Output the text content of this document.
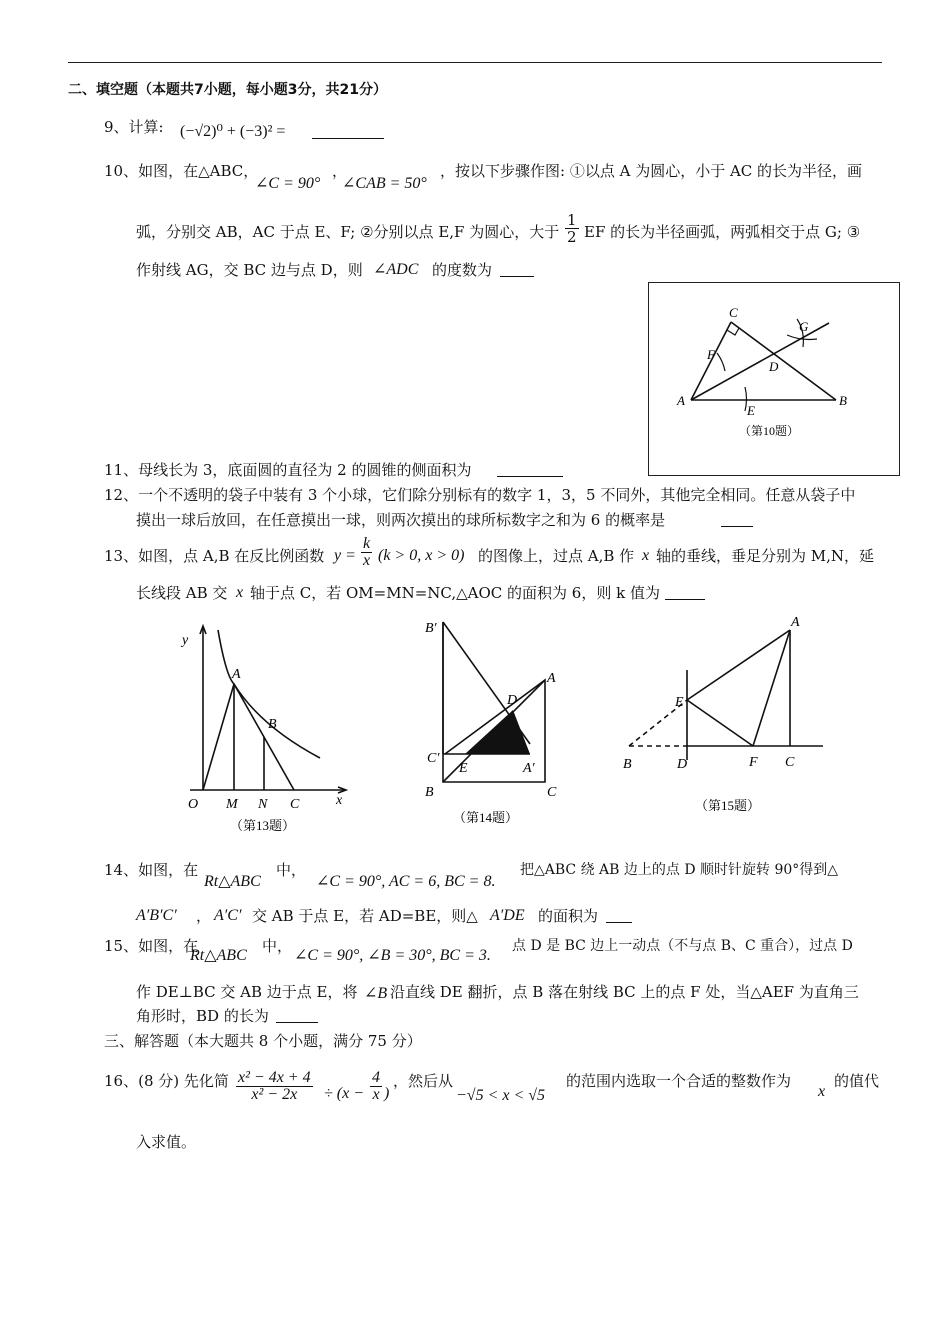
二、填空题（本题共7小题，每小题3分，共21分）
9、计算: (−√2)⁰ + (−3)² =
10、如图，在△ABC，
∠C = 90°
，
∠CAB = 50°
，按以下步骤作图: ①以点 A 为圆心，小于 AC 的长为半径，画
弧，分别交 AB，AC 于点 E、F; ②分别以点 E,F 为圆心，大于 $\frac{1}{2}$ EF 的长为半径画弧，两弧相交于点 G; ③
作射线 AG，交 BC 边与点 D，则 ∠ADC 的度数为
A	B
C
D
E
F
G
（第10题）
11、母线长为 3，底面圆的直径为 2 的圆锥的侧面积为
12、一个不透明的袋子中装有 3 个小球，它们除分别标有的数字 1，3，5 不同外，其他完全相同。任意从袋子中
摸出一球后放回，在任意摸出一球，则两次摸出的球所标数字之和为 6 的概率是
13、如图，点 A,B 在反比例函数 $y = \frac{k}{x} (k > 0$, x > 0) 的图像上，过点 A,B 作 x 轴的垂线，垂足分别为 M,N，延
长线段 AB 交 x 轴于点 C，若 OM=MN=NC,△AOC 的面积为 6，则 k 值为
y
x
O M N C
A
B
（第13题）
B′
D
A
C′
E	A′
B	C
（第14题）
A
E
B	D	F C
（第15题）
14、如图，在
Rt△ABC
中，
∠C = 90°, AC = 6, BC = 8.
把△ABC 绕 AB 边上的点 D 顺时针旋转 90°得到△
A′B′C′ ， A′C′ 交 AB 于点 E，若 AD=BE，则△ A′DE 的面积为
15、如图，在
Rt△ABC
中，
∠C = 90°, ∠B = 30°, BC = 3.
点 D 是 BC 边上一动点（不与点 B、C 重合），过点 D
作 DE⊥BC 交 AB 边于点 E，将 ∠B 沿直线 DE 翻折，点 B 落在射线 BC 上的点 F 处，当△AEF 为直角三
角形时，BD 的长为
三、解答题（本大题共 8 个小题，满分 75 分）
16、(8 分) 先化简 $\frac{\text{x² − 4x + 4}}{\text{x² − 2x}} \div (x - \frac{4}{x}$ )
，然后从
−√5 < x < √5
的范围内选取一个合适的整数作为
x
的值代
入求值。
